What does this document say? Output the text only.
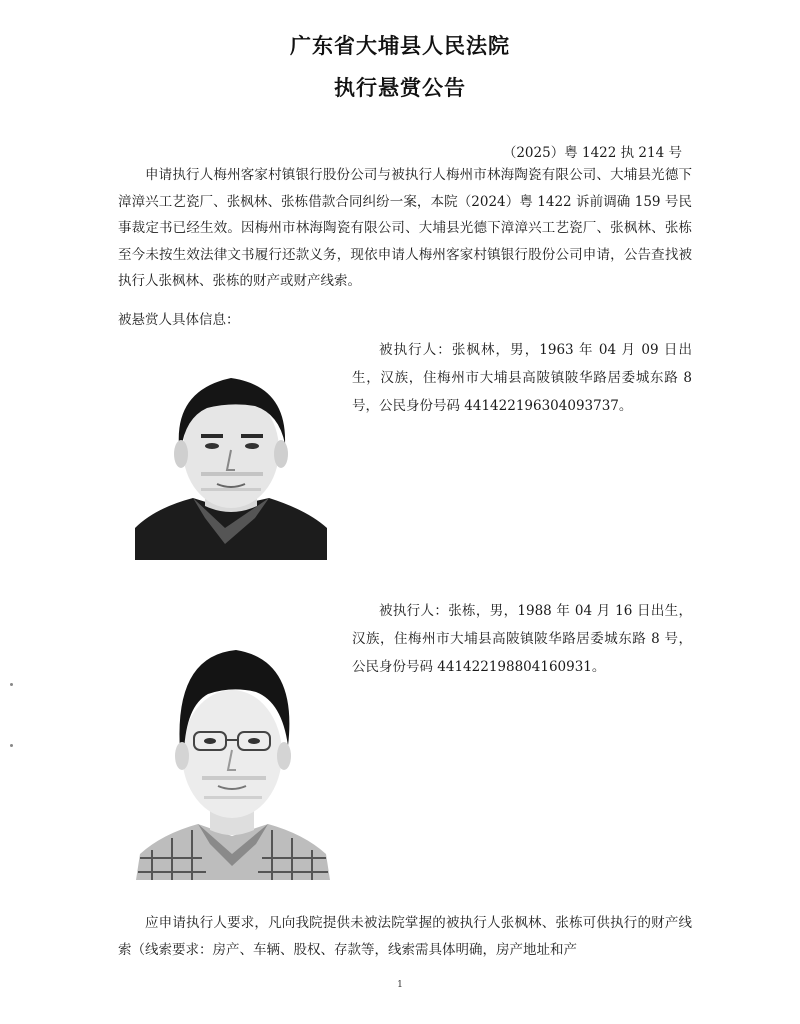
广东省大埔县人民法院
执行悬赏公告
（2025）粤 1422 执 214 号
申请执行人梅州客家村镇银行股份公司与被执行人梅州市林海陶瓷有限公司、大埔县光德下漳漳兴工艺瓷厂、张枫林、张栋借款合同纠纷一案，本院（2024）粤 1422 诉前调确 159 号民事裁定书已经生效。因梅州市林海陶瓷有限公司、大埔县光德下漳漳兴工艺瓷厂、张枫林、张栋至今未按生效法律文书履行还款义务，现依申请人梅州客家村镇银行股份公司申请，公告查找被执行人张枫林、张栋的财产或财产线索。
被悬赏人具体信息：
被执行人：张枫林，男，1963 年 04 月 09 日出生，汉族，住梅州市大埔县高陂镇陂华路居委城东路 8 号，公民身份号码 441422196304093737。
被执行人：张栋，男，1988 年 04 月 16 日出生，汉族，住梅州市大埔县高陂镇陂华路居委城东路 8 号，公民身份号码 441422198804160931。
应申请执行人要求，凡向我院提供未被法院掌握的被执行人张枫林、张栋可供执行的财产线索（线索要求：房产、车辆、股权、存款等，线索需具体明确，房产地址和产
1
